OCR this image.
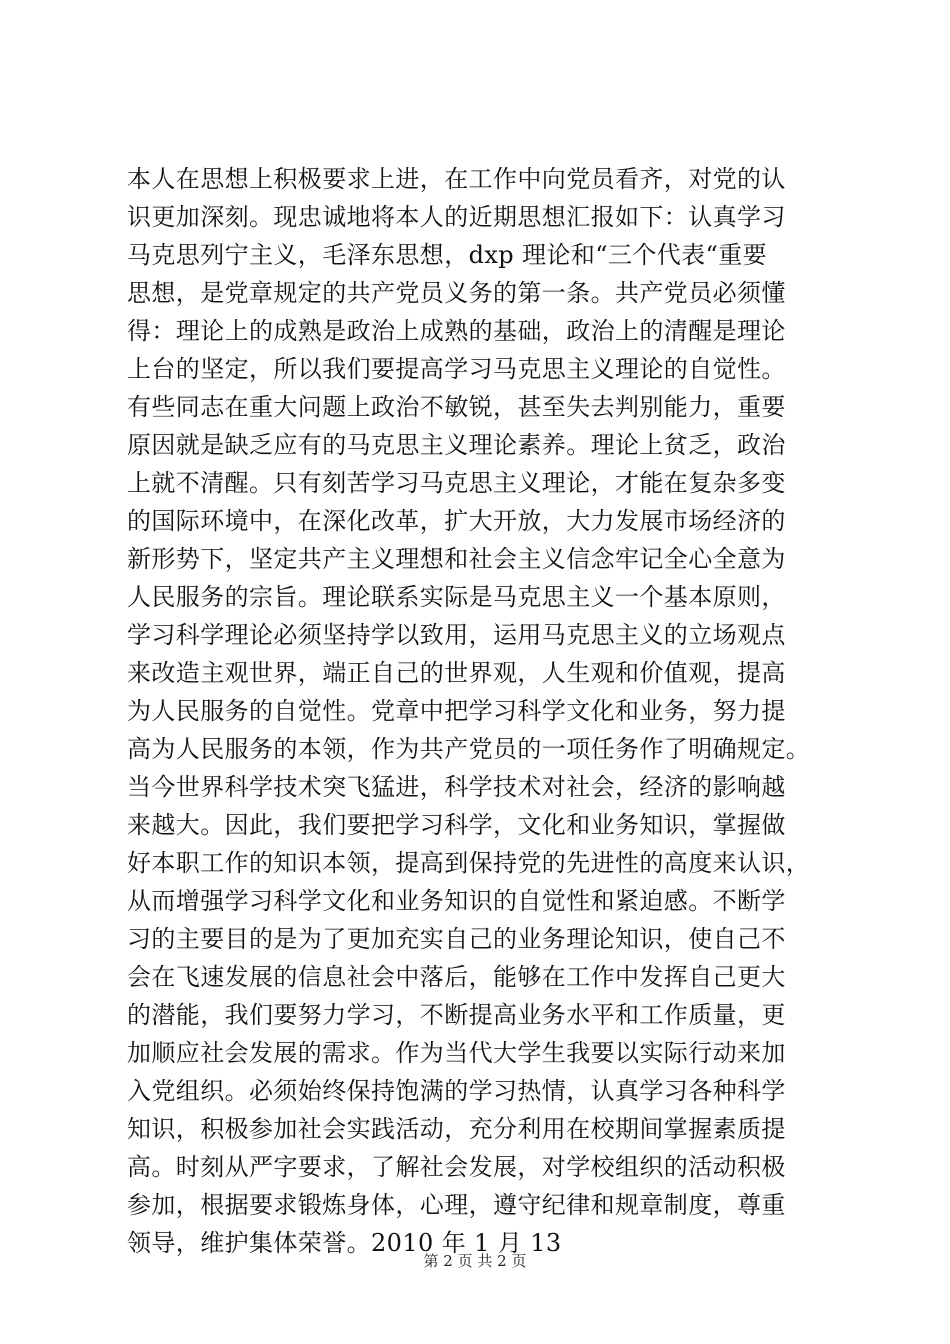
本人在思想上积极要求上进，在工作中向党员看齐，对党的认
识更加深刻。现忠诚地将本人的近期思想汇报如下：认真学习
马克思列宁主义，毛泽东思想，dxp 理论和“三个代表“重要
思想，是党章规定的共产党员义务的第一条。共产党员必须懂
得：理论上的成熟是政治上成熟的基础，政治上的清醒是理论
上台的坚定，所以我们要提高学习马克思主义理论的自觉性。
有些同志在重大问题上政治不敏锐，甚至失去判别能力，重要
原因就是缺乏应有的马克思主义理论素养。理论上贫乏，政治
上就不清醒。只有刻苦学习马克思主义理论，才能在复杂多变
的国际环境中，在深化改革，扩大开放，大力发展市场经济的
新形势下，坚定共产主义理想和社会主义信念牢记全心全意为
人民服务的宗旨。理论联系实际是马克思主义一个基本原则，
学习科学理论必须坚持学以致用，运用马克思主义的立场观点
来改造主观世界，端正自己的世界观，人生观和价值观，提高
为人民服务的自觉性。党章中把学习科学文化和业务，努力提
高为人民服务的本领，作为共产党员的一项任务作了明确规定。
当今世界科学技术突飞猛进，科学技术对社会，经济的影响越
来越大。因此，我们要把学习科学，文化和业务知识，掌握做
好本职工作的知识本领，提高到保持党的先进性的高度来认识，
从而增强学习科学文化和业务知识的自觉性和紧迫感。不断学
习的主要目的是为了更加充实自己的业务理论知识，使自己不
会在飞速发展的信息社会中落后，能够在工作中发挥自己更大
的潜能，我们要努力学习，不断提高业务水平和工作质量，更
加顺应社会发展的需求。作为当代大学生我要以实际行动来加
入党组织。必须始终保持饱满的学习热情，认真学习各种科学
知识，积极参加社会实践活动，充分利用在校期间掌握素质提
高。时刻从严字要求，了解社会发展，对学校组织的活动积极
参加，根据要求锻炼身体，心理，遵守纪律和规章制度，尊重
领导，维护集体荣誉。2010 年 1 月 13
第 2 页 共 2 页
